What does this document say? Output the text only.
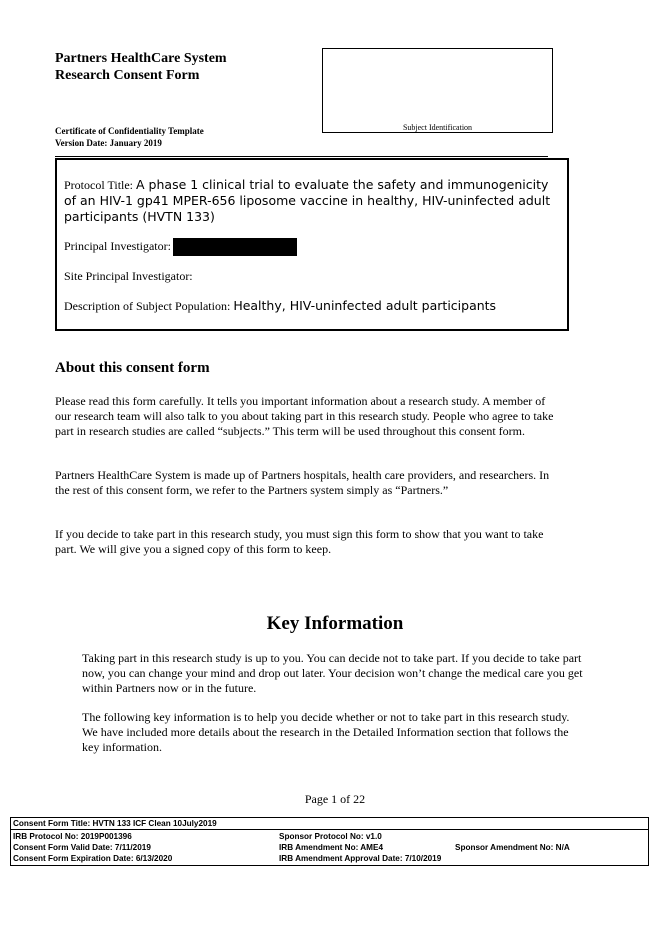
Partners HealthCare System
Research Consent Form
Subject Identification
Certificate of Confidentiality Template
Version Date: January 2019
Protocol Title: A phase 1 clinical trial to evaluate the safety and immunogenicity of an HIV-1 gp41 MPER-656 liposome vaccine in healthy, HIV-uninfected adult participants (HVTN 133)
Principal Investigator:
Site Principal Investigator:
Description of Subject Population: Healthy, HIV-uninfected adult participants
About this consent form
Please read this form carefully. It tells you important information about a research study. A member of our research team will also talk to you about taking part in this research study. People who agree to take part in research studies are called “subjects.” This term will be used throughout this consent form.
Partners HealthCare System is made up of Partners hospitals, health care providers, and researchers. In the rest of this consent form, we refer to the Partners system simply as “Partners.”
If you decide to take part in this research study, you must sign this form to show that you want to take part. We will give you a signed copy of this form to keep.
Key Information
Taking part in this research study is up to you. You can decide not to take part. If you decide to take part now, you can change your mind and drop out later. Your decision won’t change the medical care you get within Partners now or in the future.
The following key information is to help you decide whether or not to take part in this research study. We have included more details about the research in the Detailed Information section that follows the key information.
Page 1 of 22
Consent Form Title: HVTN 133 ICF Clean 10July2019
IRB Protocol No: 2019P001396
Consent Form Valid Date: 7/11/2019
Consent Form Expiration Date: 6/13/2020
Sponsor Protocol No: v1.0
IRB Amendment No: AME4
IRB Amendment Approval Date: 7/10/2019
Sponsor Amendment No: N/A
